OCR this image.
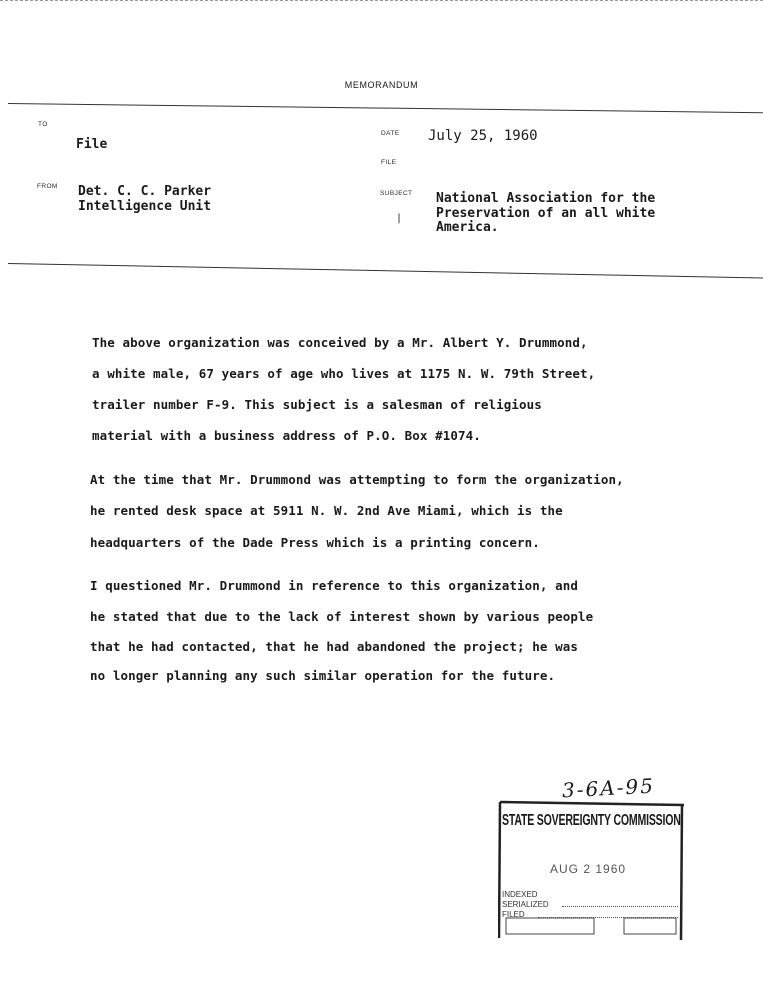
MEMORANDUM
TO
File
FROM Det. C. C. Parker
Intelligence Unit
DATE July 25, 1960
FILE
SUBJECT National Association for the
Preservation of an all white
America.
|
The above organization was conceived by a Mr. Albert Y. Drummond,
a white male, 67 years of age who lives at 1175 N. W. 79th Street,
trailer number F-9. This subject is a salesman of religious
material with a business address of P.O. Box #1074.
At the time that Mr. Drummond was attempting to form the organization,
he rented desk space at 5911 N. W. 2nd Ave Miami, which is the
headquarters of the Dade Press which is a printing concern.
I questioned Mr. Drummond in reference to this organization, and
he stated that due to the lack of interest shown by various people
that he had contacted, that he had abandoned the project; he was
no longer planning any such similar operation for the future.
3-6A-95
STATE SOVEREIGNTY COMMISSION
AUG 2 1960
INDEXED
SERIALIZED
FILED
